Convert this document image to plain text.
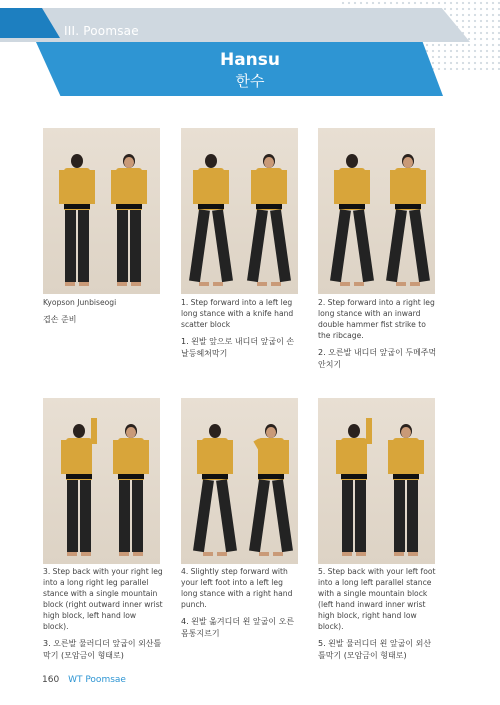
III. Poomsae
Hansu
한수
Kyopson Junbiseogi
겹손 준비
1. Step forward into a left leg long stance with a knife hand scatter block
1. 왼발 앞으로 내디더 앞굽이 손날등헤쳐막기
2. Step forward into a right leg long stance with an inward double hammer fist strike to the ribcage.
2. 오른발 내디더 앞굽이 두메주먹 안치기
3. Step back with your right leg into a long right leg parallel stance with a single mountain block (right outward inner wrist high block, left hand low block).
3. 오른발 물러디더 앞굽이 외산틀막기 (모암금이 형태로)
4. Slightly step forward with your left foot into a left leg long stance with a right hand punch.
4. 왼발 옮겨디더 왼 앞굽이 오른 몸통지르기
5. Step back with your left foot into a long left parallel stance with a single mountain block (left hand inward inner wrist high block, right hand low block).
5. 왼발 물러디더 왼 앞굽이 외산틀막기 (모암금이 형태로)
160 WT Poomsae
